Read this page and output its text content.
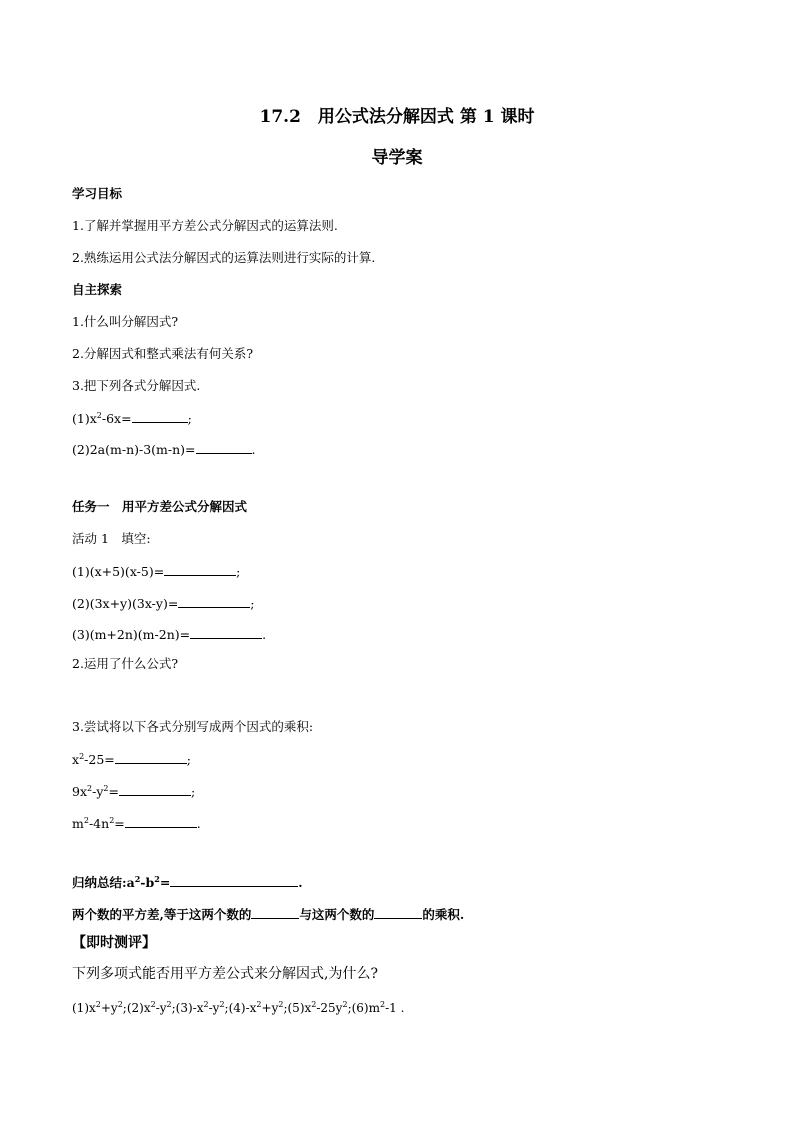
17.2　用公式法分解因式 第 1 课时
导学案
学习目标
1.了解并掌握用平方差公式分解因式的运算法则.
2.熟练运用公式法分解因式的运算法则进行实际的计算.
自主探索
1.什么叫分解因式?
2.分解因式和整式乘法有何关系?
3.把下列各式分解因式.
$(1)x^2-6x=$	;
(2)2a(m-n)-3(m-n)=	.
任务一　用平方差公式分解因式
活动 1　填空:
(1)(x+5)(x-5)=	;
(2)(3x+y)(3x-y)=	;
(3)(m+2n)(m-2n)=	.
2.运用了什么公式?
3.尝试将以下各式分别写成两个因式的乘积:
$x^2-25=$	;
$9x^2-y^2=$	;
$m^2-4n^2=$	.
归纳总结$:a^2-b^2=$	.
两个数的平方差,等于这两个数的	与这两个数的	的乘积.
【即时测评】
下列多项式能否用平方差公式来分解因式,为什么?
$(1)x^2+y^2;(2)x^2-y^2;(3)-x^2-y^2;(4)-x^2+y^2;(5)x^2-25y^2;(6)m^2-1$ .
